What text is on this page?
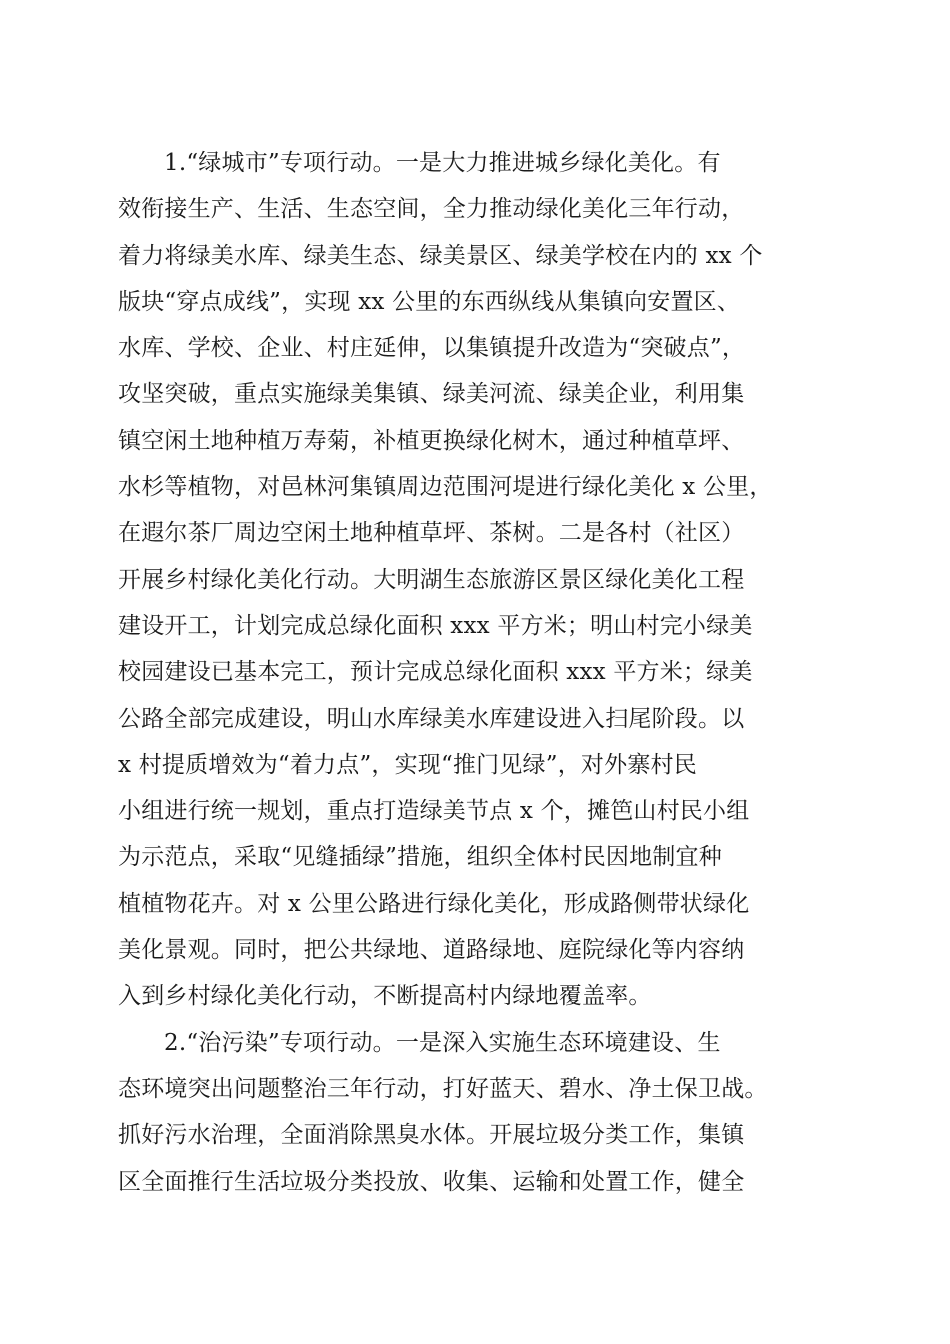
1.“绿城市”专项行动。一是大力推进城乡绿化美化。有
效衔接生产、生活、生态空间，全力推动绿化美化三年行动，
着力将绿美水库、绿美生态、绿美景区、绿美学校在内的 xx 个
版块“穿点成线”，实现 xx 公里的东西纵线从集镇向安置区、
水库、学校、企业、村庄延伸，以集镇提升改造为“突破点”，
攻坚突破，重点实施绿美集镇、绿美河流、绿美企业，利用集
镇空闲土地种植万寿菊，补植更换绿化树木，通过种植草坪、
水杉等植物，对邑林河集镇周边范围河堤进行绿化美化 x 公里，
在遐尔茶厂周边空闲土地种植草坪、茶树。二是各村（社区）
开展乡村绿化美化行动。大明湖生态旅游区景区绿化美化工程
建设开工，计划完成总绿化面积 xxx 平方米；明山村完小绿美
校园建设已基本完工，预计完成总绿化面积 xxx 平方米；绿美
公路全部完成建设，明山水库绿美水库建设进入扫尾阶段。以
x 村提质增效为“着力点”，实现“推门见绿”，对外寨村民
小组进行统一规划，重点打造绿美节点 x 个，摊笆山村民小组
为示范点，采取“见缝插绿”措施，组织全体村民因地制宜种
植植物花卉。对 x 公里公路进行绿化美化，形成路侧带状绿化
美化景观。同时，把公共绿地、道路绿地、庭院绿化等内容纳
入到乡村绿化美化行动，不断提高村内绿地覆盖率。
2.“治污染”专项行动。一是深入实施生态环境建设、生
态环境突出问题整治三年行动，打好蓝天、碧水、净土保卫战。
抓好污水治理，全面消除黑臭水体。开展垃圾分类工作，集镇
区全面推行生活垃圾分类投放、收集、运输和处置工作，健全
